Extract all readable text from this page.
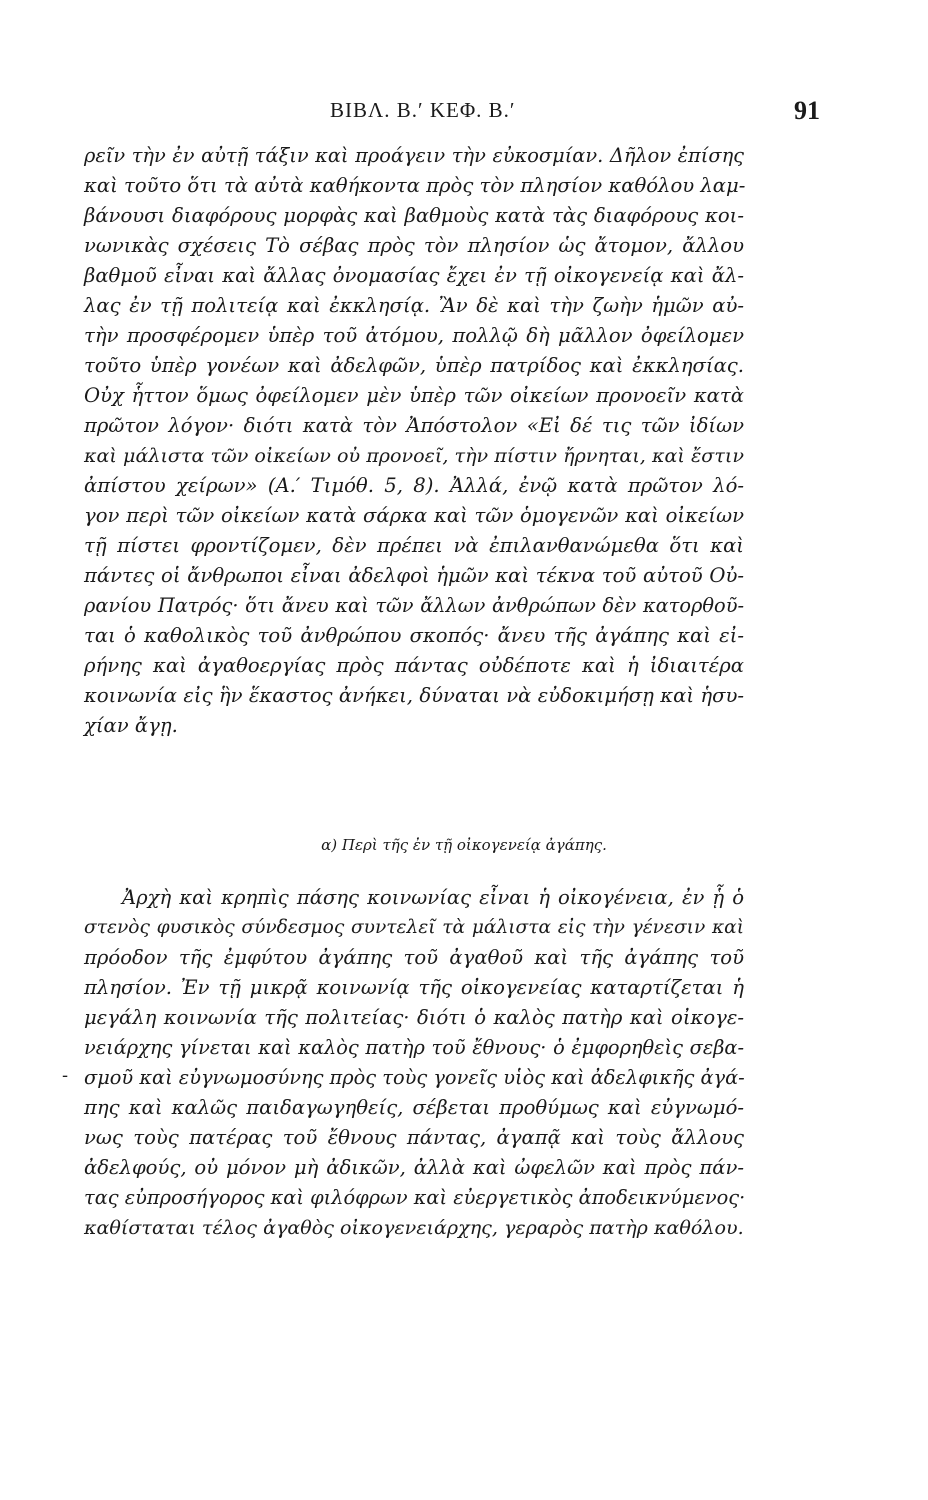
ΒΙΒΛ. Β.′ ΚΕΦ. Β.′	91
ρεῖν τὴν ἐν αὐτῇ τάξιν καὶ προάγειν τὴν εὐκοσμίαν. Δῆλον ἐπίσης
καὶ τοῦτο ὅτι τὰ αὐτὰ καθήκοντα πρὸς τὸν πλησίον καθόλου λαμ-
βάνουσι διαφόρους μορφὰς καὶ βαθμοὺς κατὰ τὰς διαφόρους κοι-
νωνικὰς σχέσεις Τὸ σέβας πρὸς τὸν πλησίον ὡς ἄτομον, ἄλλου
βαθμοῦ εἶναι καὶ ἄλλας ὀνομασίας ἔχει ἐν τῇ οἰκογενείᾳ καὶ ἄλ-
λας ἐν τῇ πολιτείᾳ καὶ ἐκκλησίᾳ. Ἂν δὲ καὶ τὴν ζωὴν ἡμῶν αὐ-
τὴν προσφέρομεν ὑπὲρ τοῦ ἀτόμου, πολλῷ δὴ μᾶλλον ὀφείλομεν
τοῦτο ὑπὲρ γονέων καὶ ἀδελφῶν, ὑπὲρ πατρίδος καὶ ἐκκλησίας.
Οὐχ ἧττον ὅμως ὀφείλομεν μὲν ὑπὲρ τῶν οἰκείων προνοεῖν κατὰ
πρῶτον λόγον· διότι κατὰ τὸν Ἀπόστολον «Εἰ δέ τις τῶν ἰδίων
καὶ μάλιστα τῶν οἰκείων οὐ προνοεῖ, τὴν πίστιν ἤρνηται, καὶ ἔστιν
ἀπίστου χείρων» (Α.′ Τιμόθ. 5, 8). Ἀλλά, ἐνῷ κατὰ πρῶτον λό-
γον περὶ τῶν οἰκείων κατὰ σάρκα καὶ τῶν ὁμογενῶν καὶ οἰκείων
τῇ πίστει φροντίζομεν, δὲν πρέπει νὰ ἐπιλανθανώμεθα ὅτι καὶ
πάντες οἱ ἄνθρωποι εἶναι ἀδελφοὶ ἡμῶν καὶ τέκνα τοῦ αὐτοῦ Οὐ-
ρανίου Πατρός· ὅτι ἄνευ καὶ τῶν ἄλλων ἀνθρώπων δὲν κατορθοῦ-
ται ὁ καθολικὸς τοῦ ἀνθρώπου σκοπός· ἄνευ τῆς ἀγάπης καὶ εἰ-
ρήνης καὶ ἀγαθοεργίας πρὸς πάντας οὐδέποτε καὶ ἡ ἰδιαιτέρα
κοινωνία εἰς ἣν ἕκαστος ἀνήκει, δύναται νὰ εὐδοκιμήσῃ καὶ ἡσυ-
χίαν ἄγῃ.
α) Περὶ τῆς ἐν τῇ οἰκογενείᾳ ἀγάπης.
Ἀρχὴ καὶ κρηπὶς πάσης κοινωνίας εἶναι ἡ οἰκογένεια, ἐν ᾗ ὁ
στενὸς φυσικὸς σύνδεσμος συντελεῖ τὰ μάλιστα εἰς τὴν γένεσιν καὶ
πρόοδον τῆς ἐμφύτου ἀγάπης τοῦ ἀγαθοῦ καὶ τῆς ἀγάπης τοῦ
πλησίον. Ἐν τῇ μικρᾷ κοινωνίᾳ τῆς οἰκογενείας καταρτίζεται ἡ
μεγάλη κοινωνία τῆς πολιτείας· διότι ὁ καλὸς πατὴρ καὶ οἰκογε-
νειάρχης γίνεται καὶ καλὸς πατὴρ τοῦ ἔθνους· ὁ ἐμφορηθεὶς σεβα-
σμοῦ καὶ εὐγνωμοσύνης πρὸς τοὺς γονεῖς υἱὸς καὶ ἀδελφικῆς ἀγά-
πης καὶ καλῶς παιδαγωγηθείς, σέβεται προθύμως καὶ εὐγνωμό-
νως τοὺς πατέρας τοῦ ἔθνους πάντας, ἀγαπᾷ καὶ τοὺς ἄλλους
ἀδελφούς, οὐ μόνον μὴ ἀδικῶν, ἀλλὰ καὶ ὠφελῶν καὶ πρὸς πάν-
τας εὐπροσήγορος καὶ φιλόφρων καὶ εὐεργετικὸς ἀποδεικνύμενος·
καθίσταται τέλος ἀγαθὸς οἰκογενειάρχης, γεραρὸς πατὴρ καθόλου.
-
